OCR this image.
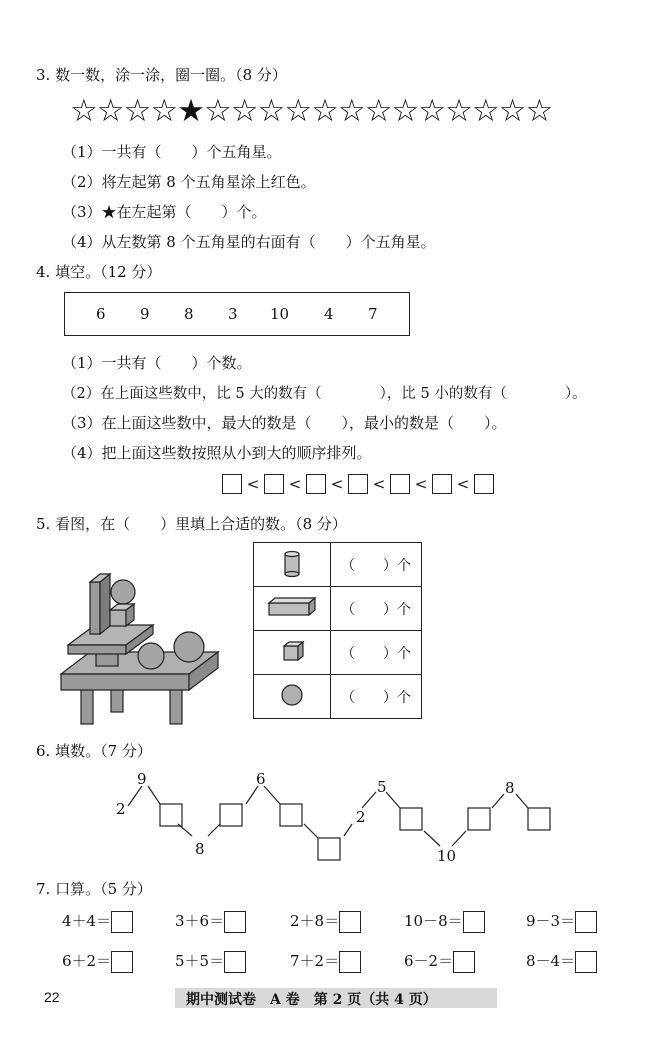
3. 数一数，涂一涂，圈一圈。（8 分）
☆☆☆☆★☆☆☆☆☆☆☆☆☆☆☆☆☆
（1）一共有（　　）个五角星。
（2）将左起第 8 个五角星涂上红色。
（3）★在左起第（　　）个。
（4）从左数第 8 个五角星的右面有（　　）个五角星。
4. 填空。（12 分）
6 9 8 3 10 4 7
（1）一共有（　　）个数。
（2）在上面这些数中，比 5 大的数有（　　　　），比 5 小的数有（　　　　）。
（3）在上面这些数中，最大的数是（　　），最小的数是（　　）。
（4）把上面这些数按照从小到大的顺序排列。
< < < < < <
5. 看图，在（　　）里填上合适的数。（8 分）
	（　　）个
	（　　）个
	（　　）个
	（　　）个
6. 填数。（7 分）
9
2
8
6
2
5
10
8
7. 口算。（5 分）
4＋4＝	3＋6＝	2＋8＝	10－8＝	9－3＝
6＋2＝	5＋5＝	7＋2＝	6－2＝	8－4＝
22	期中测试卷　A 卷　第 2 页（共 4 页）
